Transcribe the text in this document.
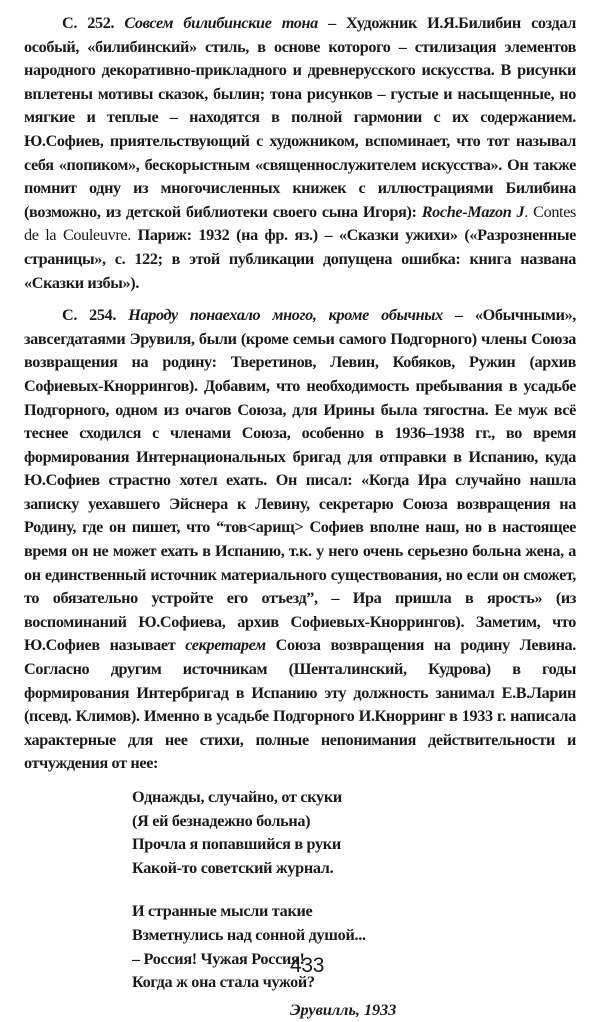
С. 252. Совсем билибинские тона – Художник И.Я.Билибин создал особый, «билибинский» стиль, в основе которого – стилизация элементов народного декоративно-прикладного и древнерусского искусства. В рисунки вплетены мотивы сказок, былин; тона рисунков – густые и насыщенные, но мягкие и теплые – находятся в полной гармонии с их содержанием. Ю.Софиев, приятельствующий с художником, вспоминает, что тот называл себя «попиком», бескорыстным «священнослужителем искусства». Он также помнит одну из многочисленных книжек с иллюстрациями Билибина (возможно, из детской библиотеки своего сына Игоря): Roche-Mazon J. Contes de la Couleuvre. Париж: 1932 (на фр. яз.) – «Сказки ужихи» («Разрозненные страницы», с. 122; в этой публикации допущена ошибка: книга названа «Сказки избы»).

С. 254. Народу понаехало много, кроме обычных – «Обычными», завсегдатаями Эрувиля, были (кроме семьи самого Подгорного) члены Союза возвращения на родину: Тверетинов, Левин, Кобяков, Ружин (архив Софиевых-Кноррингов). Добавим, что необходимость пребывания в усадьбе Подгорного, одном из очагов Союза, для Ирины была тягостна. Ее муж всё теснее сходился с членами Союза, особенно в 1936–1938 гг., во время формирования Интернациональных бригад для отправки в Испанию, куда Ю.Софиев страстно хотел ехать. Он писал: «Когда Ира случайно нашла записку уехавшего Эйснера к Левину, секретарю Союза возвращения на Родину, где он пишет, что “тов<арищ> Софиев вполне наш, но в настоящее время он не может ехать в Испанию, т.к. у него очень серьезно больна жена, а он единственный источник материального существования, но если он сможет, то обязательно устройте его отъезд”, – Ира пришла в ярость» (из воспоминаний Ю.Софиева, архив Софиевых-Кноррингов). Заметим, что Ю.Софиев называет секретарем Союза возвращения на родину Левина. Согласно другим источникам (Шенталинский, Кудрова) в годы формирования Интербригад в Испанию эту должность занимал Е.В.Ларин (псевд. Климов). Именно в усадьбе Подгорного И.Кнорринг в 1933 г. написала характерные для нее стихи, полные непонимания действительности и отчуждения от нее:

Однажды, случайно, от скуки
(Я ей безнадежно больна)
Прочла я попавшийся в руки
Какой-то советский журнал.
И странные мысли такие
Взметнулись над сонной душой...
– Россия! Чужая Россия!
Когда ж она стала чужой?
Эрувилль, 1933
433
